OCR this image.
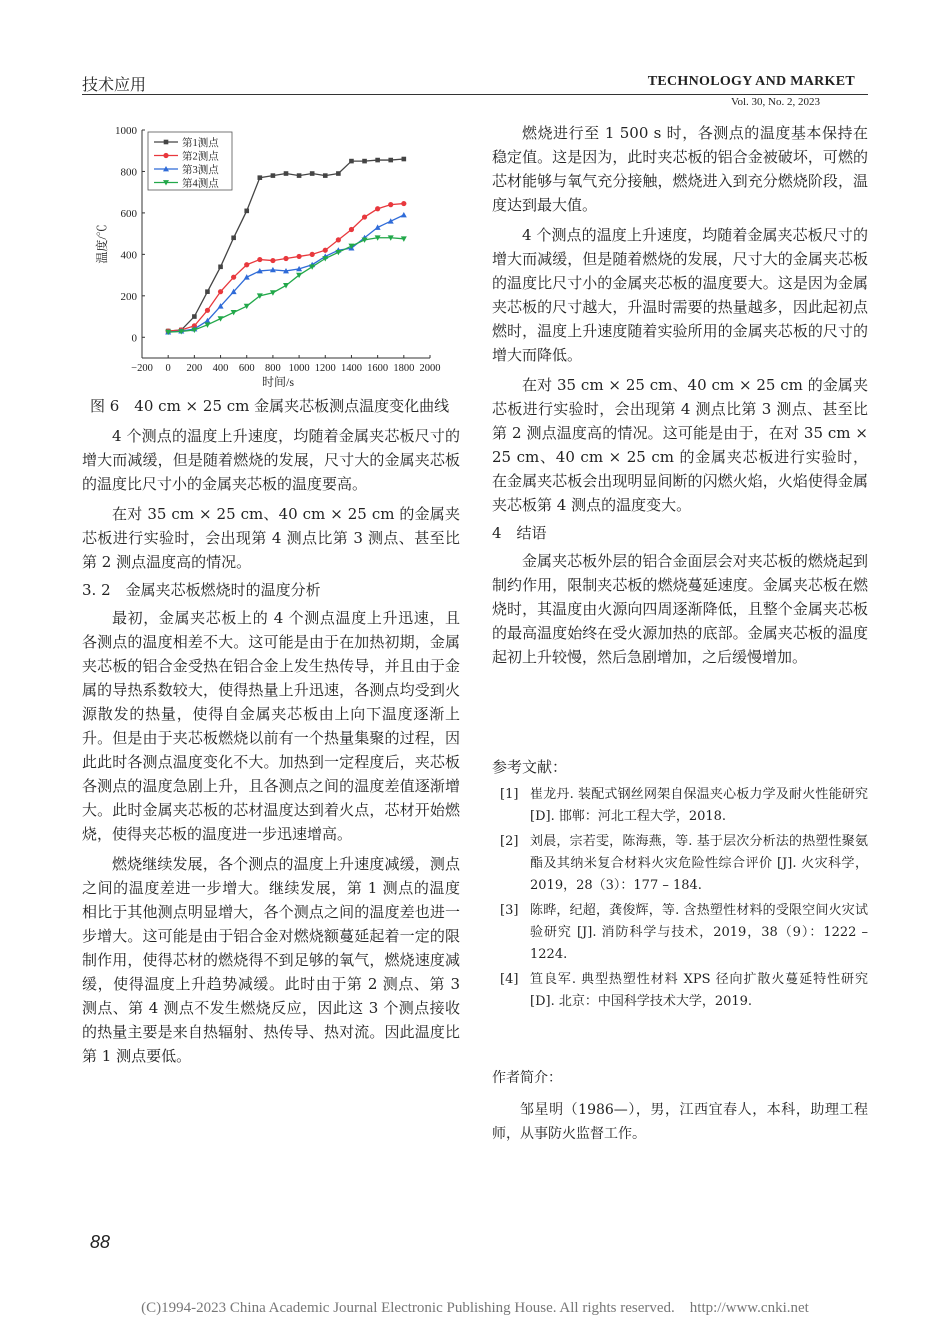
技术应用	TECHNOLOGY AND MARKET
Vol. 30, No. 2, 2023
−200 0 200 400 600 800 1000 1200 1400 1600 1800 2000
0
200
400
600
800
1000
时间/s
温度/℃
第1测点
第2测点
第3测点
第4测点
图 6　40 cm × 25 cm 金属夹芯板测点温度变化曲线

4 个测点的温度上升速度，均随着金属夹芯板尺寸的增大而减缓，但是随着燃烧的发展，尺寸大的金属夹芯板的温度比尺寸小的金属夹芯板的温度要高。

在对 35 cm × 25 cm、40 cm × 25 cm 的金属夹芯板进行实验时，会出现第 4 测点比第 3 测点、甚至比第 2 测点温度高的情况。

3. 2　金属夹芯板燃烧时的温度分析

最初，金属夹芯板上的 4 个测点温度上升迅速，且各测点的温度相差不大。这可能是由于在加热初期，金属夹芯板的铝合金受热在铝合金上发生热传导，并且由于金属的导热系数较大，使得热量上升迅速，各测点均受到火源散发的热量，使得自金属夹芯板由上向下温度逐渐上升。但是由于夹芯板燃烧以前有一个热量集聚的过程，因此此时各测点温度变化不大。加热到一定程度后，夹芯板各测点的温度急剧上升，且各测点之间的温度差值逐渐增大。此时金属夹芯板的芯材温度达到着火点，芯材开始燃烧，使得夹芯板的温度进一步迅速增高。

燃烧继续发展，各个测点的温度上升速度减缓，测点之间的温度差进一步增大。继续发展，第 1 测点的温度相比于其他测点明显增大，各个测点之间的温度差也进一步增大。这可能是由于铝合金对燃烧额蔓延起着一定的限制作用，使得芯材的燃烧得不到足够的氧气，燃烧速度减缓，使得温度上升趋势减缓。此时由于第 2 测点、第 3 测点、第 4 测点不发生燃烧反应，因此这 3 个测点接收的热量主要是来自热辐射、热传导、热对流。因此温度比第 1 测点要低。

燃烧进行至 1 500 s 时，各测点的温度基本保持在稳定值。这是因为，此时夹芯板的铝合金被破坏，可燃的芯材能够与氧气充分接触，燃烧进入到充分燃烧阶段，温度达到最大值。

4 个测点的温度上升速度，均随着金属夹芯板尺寸的增大而减缓，但是随着燃烧的发展，尺寸大的金属夹芯板的温度比尺寸小的金属夹芯板的温度要大。这是因为金属夹芯板的尺寸越大，升温时需要的热量越多，因此起初点燃时，温度上升速度随着实验所用的金属夹芯板的尺寸的增大而降低。

在对 35 cm × 25 cm、40 cm × 25 cm 的金属夹芯板进行实验时，会出现第 4 测点比第 3 测点、甚至比第 2 测点温度高的情况。这可能是由于，在对 35 cm × 25 cm、40 cm × 25 cm 的金属夹芯板进行实验时，在金属夹芯板会出现明显间断的闪燃火焰，火焰使得金属夹芯板第 4 测点的温度变大。

4　结语

金属夹芯板外层的铝合金面层会对夹芯板的燃烧起到制约作用，限制夹芯板的燃烧蔓延速度。金属夹芯板在燃烧时，其温度由火源向四周逐渐降低，且整个金属夹芯板的最高温度始终在受火源加热的底部。金属夹芯板的温度起初上升较慢，然后急剧增加，之后缓慢增加。

参考文献：
[1] 崔龙丹. 装配式钢丝网架自保温夹心板力学及耐火性能研究 [D]. 邯郸：河北工程大学，2018.
[2] 刘晨，宗若雯，陈海燕，等. 基于层次分析法的热塑性聚氨酯及其纳米复合材料火灾危险性综合评价 [J]. 火灾科学，2019，28（3）：177 – 184.
[3] 陈晔，纪超，龚俊辉，等. 含热塑性材料的受限空间火灾试验研究 [J]. 消防科学与技术，2019，38（9）：1222 – 1224.
[4] 笪良军. 典型热塑性材料 XPS 径向扩散火蔓延特性研究 [D]. 北京：中国科学技术大学，2019.
作者简介：

邹星明（1986—），男，江西宜春人，本科，助理工程师，从事防火监督工作。

88
(C)1994-2023 China Academic Journal Electronic Publishing House. All rights reserved.　http://www.cnki.net
